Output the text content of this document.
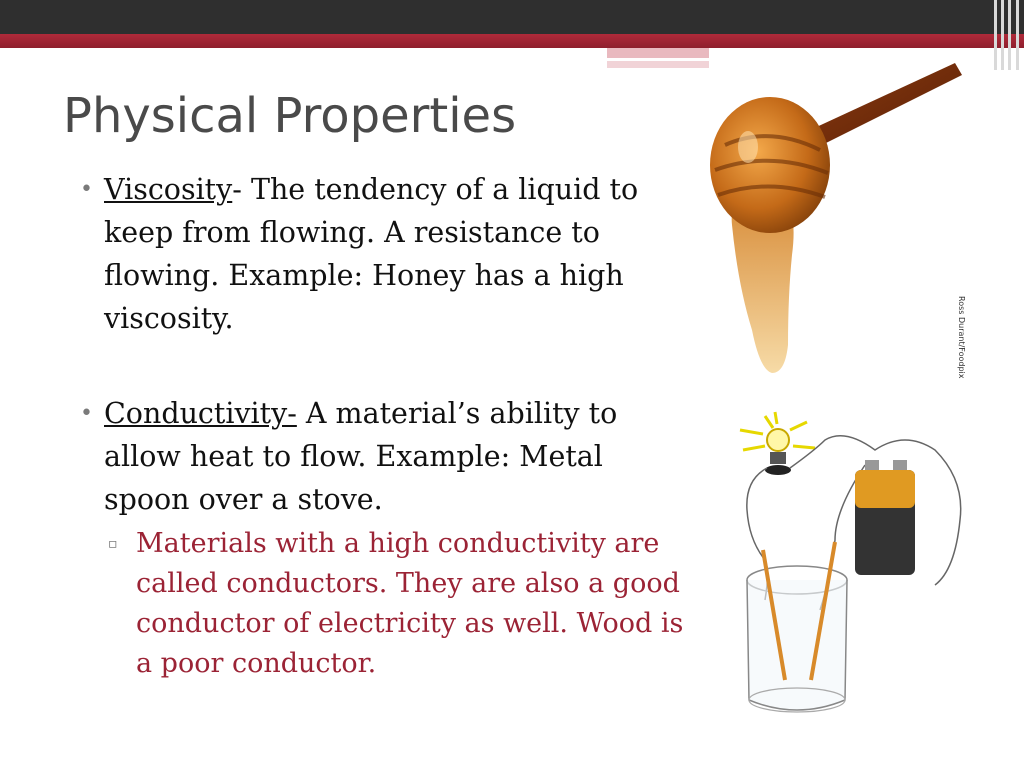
Physical Properties
• Viscosity- The tendency of a liquid to keep from flowing. A resistance to flowing. Example: Honey has a high viscosity.
• Conductivity- A material’s ability to allow heat to flow. Example: Metal spoon over a stove.
▫ Materials with a high conductivity are called conductors. They are also a good conductor of electricity as well. Wood is a poor conductor.
Ross Durant/Foodpix
